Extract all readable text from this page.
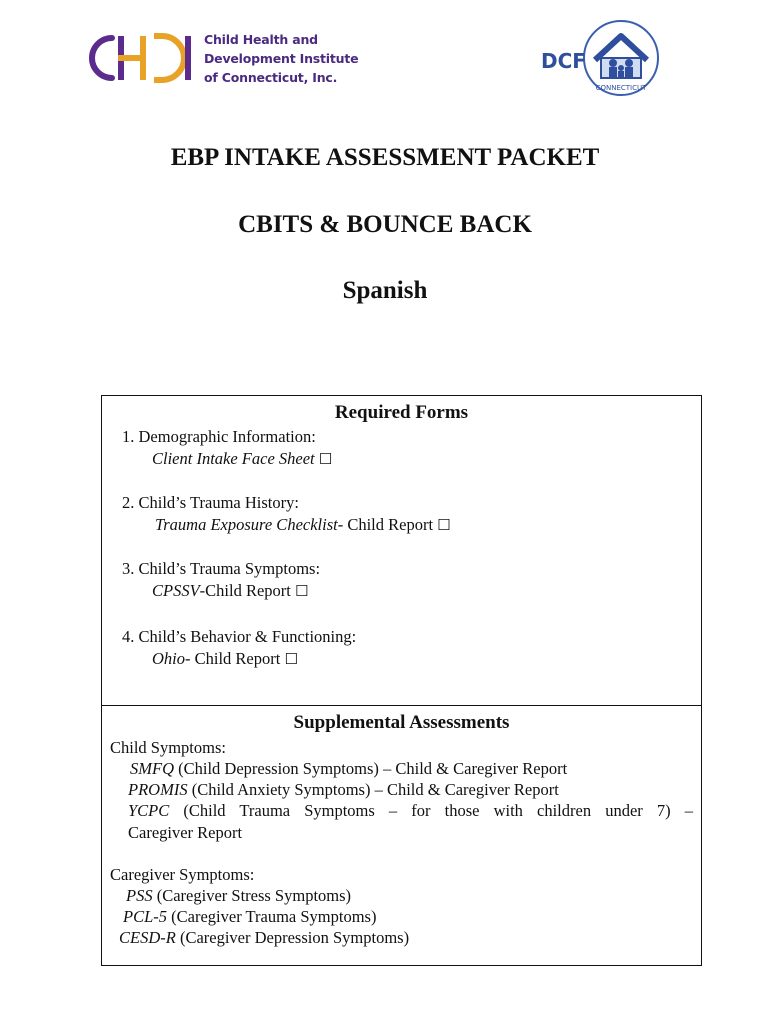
Child Health and
Development Institute
of Connecticut, Inc.
DCF
CONNECTICUT
EBP INTAKE ASSESSMENT PACKET
CBITS & BOUNCE BACK
Spanish
Required Forms
1. Demographic Information:
Client Intake Face Sheet ☐
2. Child’s Trauma History:
Trauma Exposure Checklist- Child Report ☐
3. Child’s Trauma Symptoms:
CPSSV-Child Report ☐
4. Child’s Behavior & Functioning:
Ohio- Child Report ☐
Supplemental Assessments
Child Symptoms:
SMFQ (Child Depression Symptoms) – Child & Caregiver Report
PROMIS (Child Anxiety Symptoms) – Child & Caregiver Report
YCPC (Child Trauma Symptoms – for those with children under 7) –
Caregiver Report
Caregiver Symptoms:
PSS (Caregiver Stress Symptoms)
PCL-5 (Caregiver Trauma Symptoms)
CESD-R (Caregiver Depression Symptoms)
